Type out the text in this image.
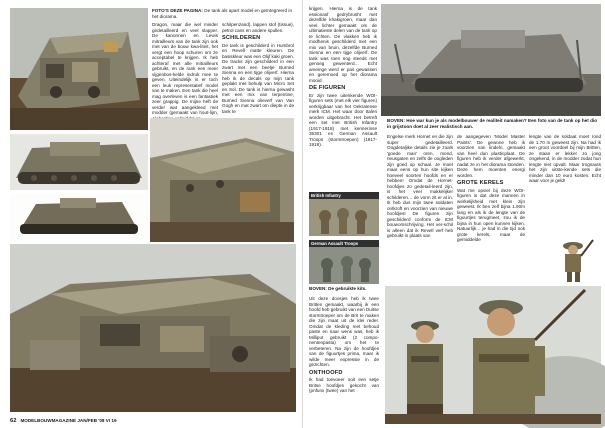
FOTO'S DEZE PAGINA: De tank als apart model en geïntegreerd in het diorama.

Dragon, maar die wel minder gedetailleerd en veel slapper. De kanonnen en Lewis mitrailleurs van de tank zijn ook met van de bouw kwa-liteit, het vergt een hoop schuren om ze acceptabel te krijgen. Ik heb achteraf met alle mitrailleurs gebruikt, en de rank een meer vijgenbos-kelde indruk mee te geven. Uiteindelijk is er toch een leuk representatief model van te maken. Een tank die heel mag overleven is een fantastiek zeer grappig. De mijne heft de verder wat aangekleed met modder (gemaakt van hout-lijm,

schilpenzand), lappen stof (tissue), petrol cans en andere spullen.

SCHILDEREN

De tank is geschilderd in Humbrol en Revell matte kleuren. De basiskleur was een Olijf kaki groen. De tracks zijn geschilderd in een zwart met een beetje Burned Sienna en een tijge olijverf. Hierna heb ik de decals op mijn tank geplakt met behulp van Micro Set en Sol. De tank is hierna gewasht met een mix van terpentine, Burned Sienna olieverf van Van Gogh en mat zwart om diepte in de tank te

62 MODELBOUWMAGAZINE JAN/FEB '08 VI 19

krijgen. Hierna is de tank essionasf gedrybrusht met dezelfde khakigroen, maar dan veel lichter gemaakt om de ultimatieste delen van de tank op te lichten. De vlakken heb ik modhenis geschilderd met een mix van bruin, dezelfde Burned Sienna en een tijge olijverf. De tank was toen nog steeds met genoeg gewenterd… Echt ameinge werd er pas gewassen en geremoed op het diorama mooid.

DE FIGUREN

Er zijn twee uitenkende WOI-figuren sets (met elk vier figuren) verkrijgbaar van het Oekraïense merk ICM. Het waar door Italeri worden uitgebracht. Het betreft een set met British Infantry (1917-1918) met kennerinse 35301 en German Assault Troops (stormtroepen) (1917-1918).

BOVEN: Hoe war kun je als modelbouwer de realiteit namaken? Een foto van de tank op het dio in grijstoon doet al zeer realistisch aan.

Engelse merk Hornet en die zijn super gedetailleerd. Oogdetaljike details zie je zoals 'goede man' oren, mond, neusgaten en zelfs de oogleden zijn goed op schaal. Je moet maar eens op hun site kijken hoeveel soorten hoofds en er hebben! Omdat de Hornet- hoofdjes zo gedetail-leerd zijn, is het veel makkelijker schilderen… de vorm zit er al in. Ik heb dus mijn twee soldaten ontkroft en voorzien van nieuwe hoofdjes! De figuren zijn geschilderd conform de ICM bouwomschrijving. Het ver-schil is alleen dat ik Revell verf heb gebruikt in plaats van

de aangegeven 'Model Master Paints'. De gewone heb ik voorzien van lindeln, gemaakt van heel dun plasticplaat. De figuren heb ik verder afgewerkt, nadat ze in het diorama stonden. Deze hem moenten energi worden.

GROTE KERELS

Wat me opviel bij deze WOI-figuren is dat deze mannen in werkelijkheid met klein zijn geweest. Ik ben zelf bijna 1.90m lang en als ik de lengte van de figuurtjes terugmeet, zou ik de bijna in hun open kunnen kijken. Natuurlijk… je had in die tijd ook grote kerels, maar de gemiddelde

lengte van de soldaat moet rond de 1.70 m geweest zijn. Na had ik een groot voordeel bij mijn Britten, ze staan er lekker zo jong ongekend, in de modder zodat hun lengte niet opvalt. Maar trognauts het zijn uitste-kende sets die minder dan 10 euro kosten. Echt waar voor je geld!

British Infantry
German Assault Troops
BOVEN: De gebruikte kits.

Uit deze doosjes heb ik twee Britten gemaakt, waarbij ik een hoofd heb gebruikt van een Duitse stormtroeper om de Brit te maken die zijn maat uit de klei reder. Omdat de kleding met behoud paste en naar wens was, heb ik Milliput gebruikt (2 compo-nentenpasta) om het te verbeteren. Na zijn de hoofdjes van de figuurtjes prima, maar ik wilde meer expressie in de gezichten.

ONTHOOFD

Ik had toevoeer ooit een setje Britse hoofdjes gekocht van (pnfunx (twee) van het
